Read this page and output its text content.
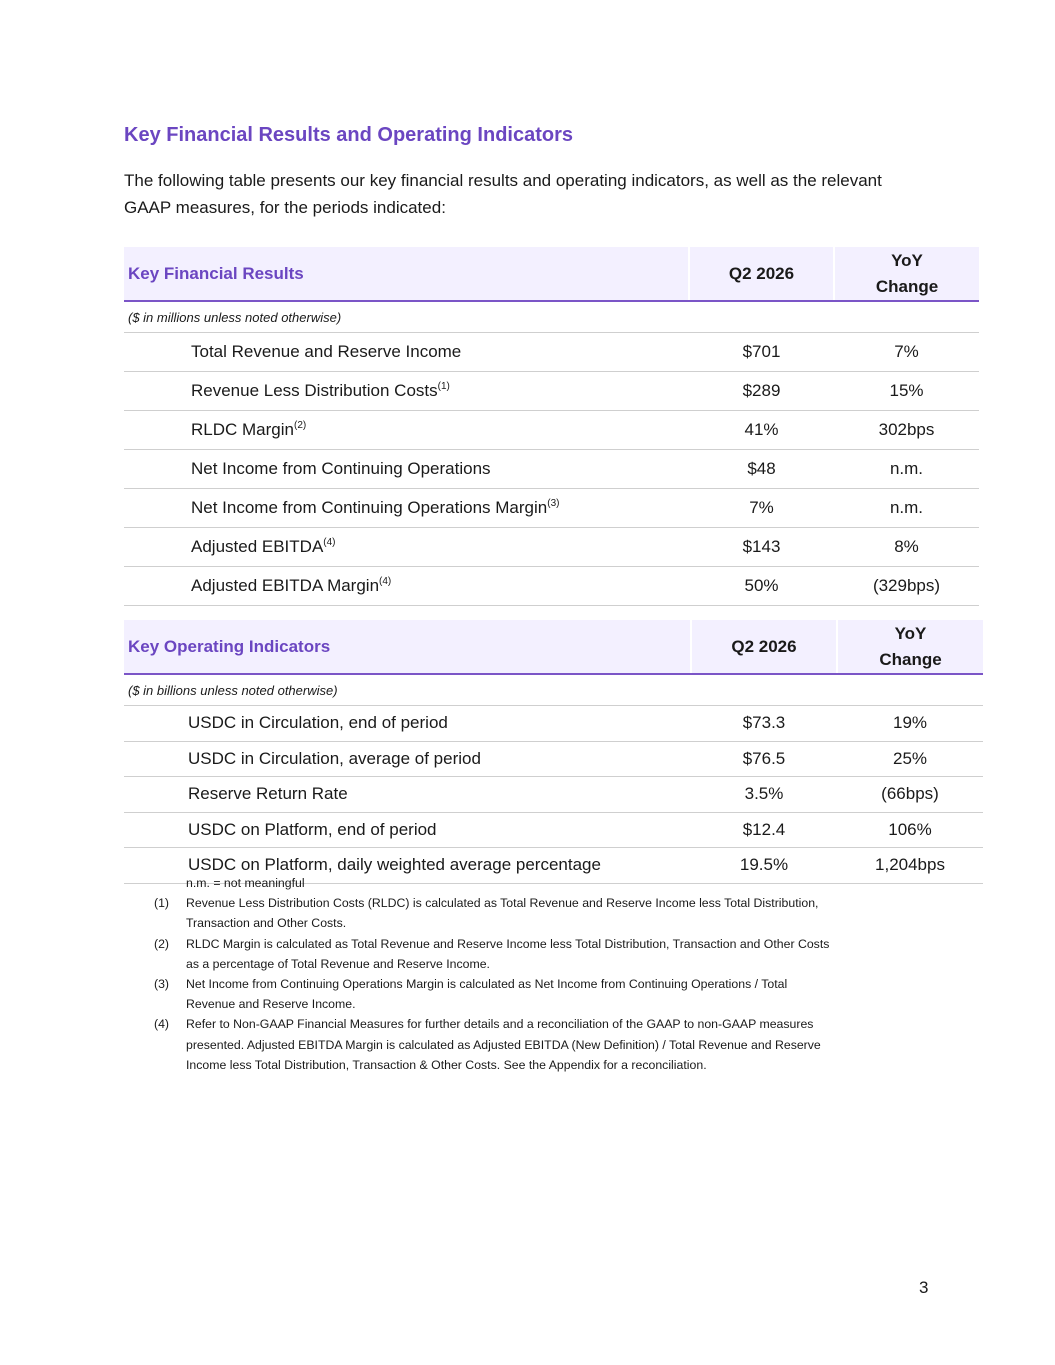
Key Financial Results and Operating Indicators

The following table presents our key financial results and operating indicators, as well as the relevant GAAP measures, for the periods indicated:

Key Financial Results	Q2 2026	YoY
Change

($ in millions unless noted otherwise)		
Total Revenue and Reserve Income	$701	7%
Revenue Less Distribution Costs$^{(1)}$	$289	15%
RLDC Margin$^{(2)}$	41%	302bps
Net Income from Continuing Operations	$48	n.m.
Net Income from Continuing Operations Margin$^{(3)}$	7%	n.m.
Adjusted EBITDA$^{(4)}$	$143	8%
Adjusted EBITDA Margin$^{(4)}$	50%	(329bps)
Key Operating Indicators	Q2 2026	YoY
Change

($ in billions unless noted otherwise)		
USDC in Circulation, end of period	$73.3	19%
USDC in Circulation, average of period	$76.5	25%
Reserve Return Rate	3.5%	(66bps)
USDC on Platform, end of period	$12.4	106%
USDC on Platform, daily weighted average percentage	19.5%	1,204bps
n.m. = not meaningful
(1)	Revenue Less Distribution Costs (RLDC) is calculated as Total Revenue and Reserve Income less Total Distribution, Transaction and Other Costs.
(2)	RLDC Margin is calculated as Total Revenue and Reserve Income less Total Distribution, Transaction and Other Costs as a percentage of Total Revenue and Reserve Income.
(3)	Net Income from Continuing Operations Margin is calculated as Net Income from Continuing Operations / Total Revenue and Reserve Income.
(4)	Refer to Non-GAAP Financial Measures for further details and a reconciliation of the GAAP to non-GAAP measures presented. Adjusted EBITDA Margin is calculated as Adjusted EBITDA (New Definition) / Total Revenue and Reserve Income less Total Distribution, Transaction & Other Costs. See the Appendix for a reconciliation.
3
